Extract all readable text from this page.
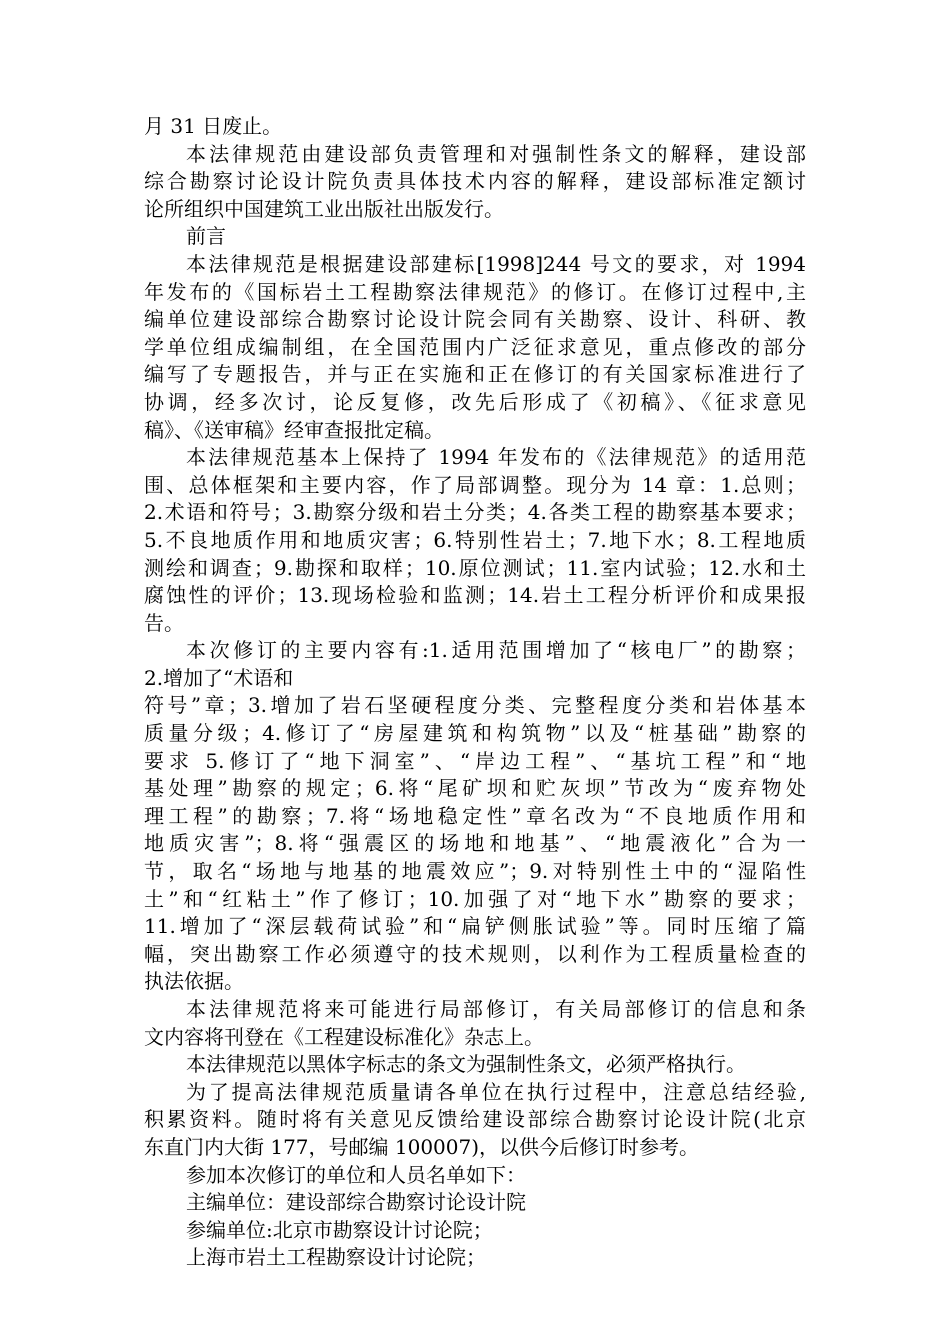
月 31 日废止。
本法律规范由建设部负责管理和对强制性条文的解释，建设部
综合勘察讨论设计院负责具体技术内容的解释，建设部标准定额讨
论所组织中国建筑工业出版社出版发行。
前言
本法律规范是根据建设部建标[1998]244 号文的要求，对 1994
年发布的《国标岩土工程勘察法律规范》的修订。在修订过程中,主
编单位建设部综合勘察讨论设计院会同有关勘察、设计、科研、教
学单位组成编制组，在全国范围内广泛征求意见，重点修改的部分
编写了专题报告，并与正在实施和正在修订的有关国家标准进行了
协调，经多次讨，论反复修，改先后形成了《初稿》、《征求意见
稿》、《送审稿》经审查报批定稿。
本法律规范基本上保持了 1994 年发布的《法律规范》的适用范
围、总体框架和主要内容，作了局部调整。现分为 14 章：1.总则；
2.术语和符号；3.勘察分级和岩土分类；4.各类工程的勘察基本要求；
5.不良地质作用和地质灾害；6.特别性岩土；7.地下水；8.工程地质
测绘和调查；9.勘探和取样；10.原位测试；11.室内试验；12.水和土
腐蚀性的评价；13.现场检验和监测；14.岩土工程分析评价和成果报
告。
本次修订的主要内容有:1.适用范围增加了“核电厂”的勘察；
2.增加了“术语和
符号”章；3.增加了岩石坚硬程度分类、完整程度分类和岩体基本
质量分级；4.修订了“房屋建筑和构筑物”以及“桩基础”勘察的
要求 5.修订了“地下洞室”、“岸边工程”、“基坑工程”和“地
基处理”勘察的规定；6.将“尾矿坝和贮灰坝”节改为“废弃物处
理工程”的勘察；7.将“场地稳定性”章名改为“不良地质作用和
地质灾害”；8.将“强震区的场地和地基”、“地震液化”合为一
节，取名“场地与地基的地震效应”；9.对特别性土中的“湿陷性
土”和“红粘土”作了修订；10.加强了对“地下水”勘察的要求；
11.增加了“深层载荷试验”和“扁铲侧胀试验”等。同时压缩了篇
幅，突出勘察工作必须遵守的技术规则，以利作为工程质量检查的
执法依据。
本法律规范将来可能进行局部修订，有关局部修订的信息和条
文内容将刊登在《工程建设标准化》杂志上。
本法律规范以黑体字标志的条文为强制性条文，必须严格执行。
为了提高法律规范质量请各单位在执行过程中，注意总结经验,
积累资料。随时将有关意见反馈给建设部综合勘察讨论设计院(北京
东直门内大街 177，号邮编 100007)，以供今后修订时参考。
参加本次修订的单位和人员名单如下：
主编单位：建设部综合勘察讨论设计院
参编单位:北京市勘察设计讨论院；
上海市岩土工程勘察设计讨论院；
